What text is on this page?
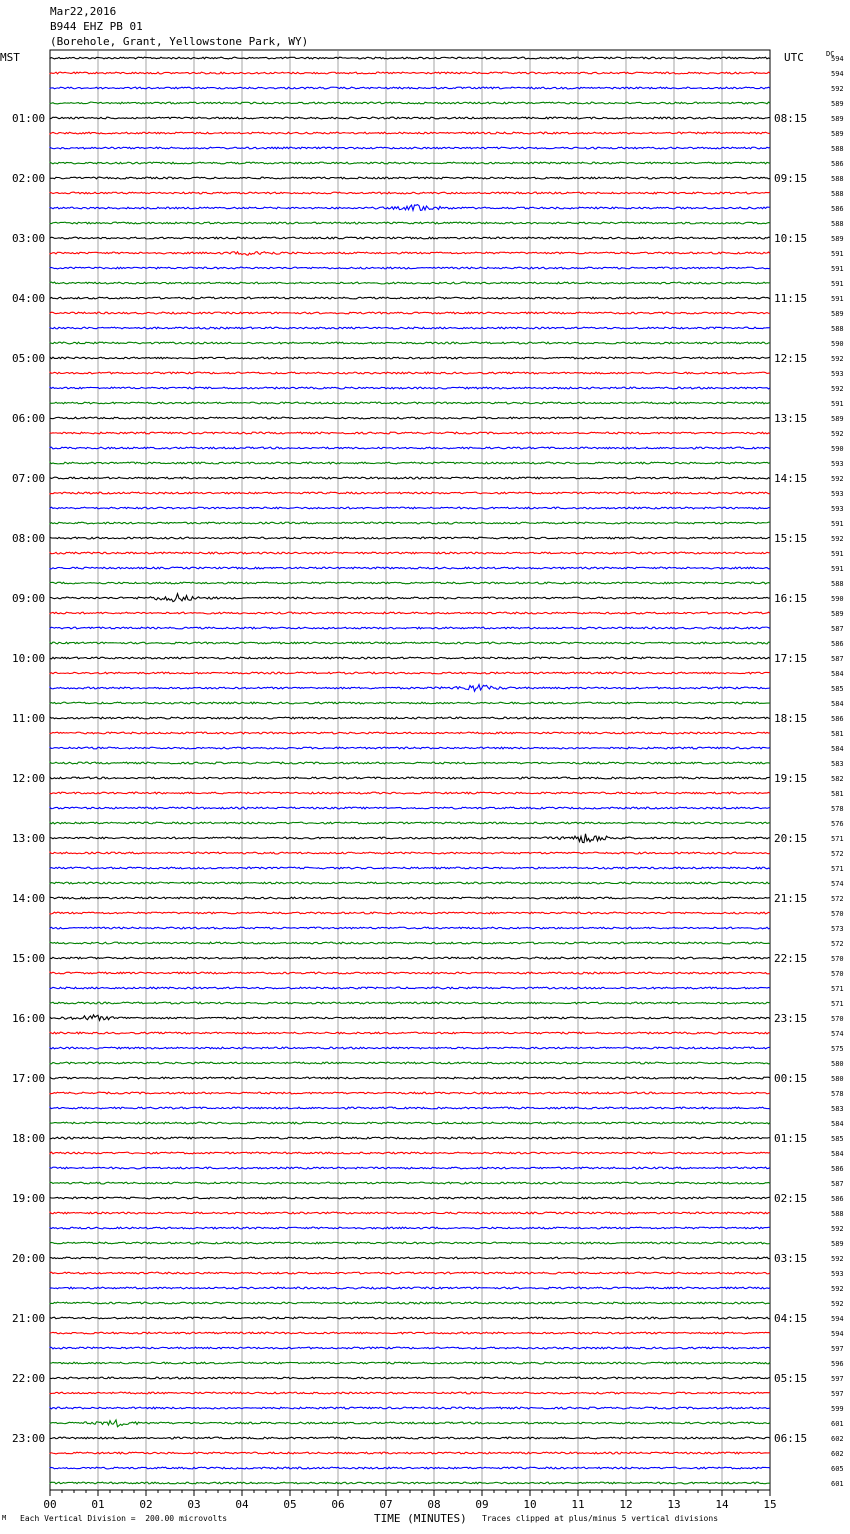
Mar22,2016
B944 EHZ PB 01
(Borehole, Grant, Yellowstone Park, WY)
MST	UTC	DC
594
594
592
589
589
589
588
586
588
588
586
588
589
591
591
591
591
589
588
590
592
593
592
591
589
592
590
593
592
593
593
591
592
591
591
588
590
589
587
586
587
584
585
584
586
581
584
583
582
581
578
576
571
572
571
574
572
570
573
572
570
570
571
571
570
574
575
580
580
578
583
584
585
584
586
587
586
588
592
589
592
593
592
592
594
594
597
596
597
597
599
601
602
602
605
601
01:00
02:00
03:00
04:00
05:00
06:00
07:00
08:00
09:00
10:00
11:00
12:00
13:00
14:00
15:00
16:00
17:00
18:00
19:00
20:00
21:00
22:00
23:00
08:15
09:15
10:15
11:15
12:15
13:15
14:15
15:15
16:15
17:15
18:15
19:15
20:15
21:15
22:15
23:15
00:15
01:15
02:15
03:15
04:15
05:15
06:15
00	01	02	03	04	05	06	07	08	09	10	11	12	13	14	15
M Each Vertical Division =  200.00 microvolts	TIME (MINUTES) Traces clipped at plus/minus 5 vertical divisions
